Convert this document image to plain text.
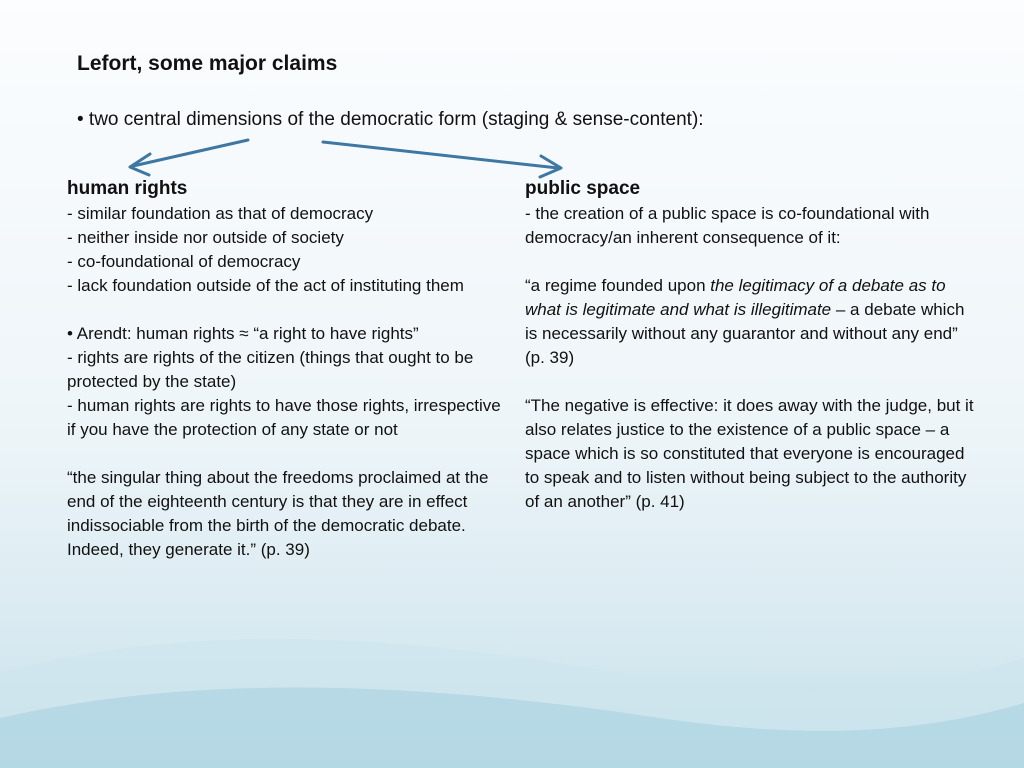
Lefort, some major claims
• two central dimensions of the democratic form (staging & sense-content):
human rights

- similar foundation as that of democracy

- neither inside nor outside of society

- co-foundational of democracy

- lack foundation outside of the act of instituting them

• Arendt: human rights ≈ “a right to have rights”

- rights are rights of the citizen (things that ought to be protected by the state)

- human rights are rights to have those rights, irrespective if you have the protection of any state or not

“the singular thing about the freedoms proclaimed at the end of the eighteenth century is that they are in effect indissociable from the birth of the democratic debate. Indeed, they generate it.” (p. 39)

public space

- the creation of a public space is co-foundational with democracy/an inherent consequence of it:

“a regime founded upon the legitimacy of a debate as to what is legitimate and what is illegitimate – a debate which is necessarily without any guarantor and without any end” (p. 39)

“The negative is effective: it does away with the judge, but it also relates justice to the existence of a public space – a space which is so constituted that everyone is encouraged to speak and to listen without being subject to the authority of an another” (p. 41)
